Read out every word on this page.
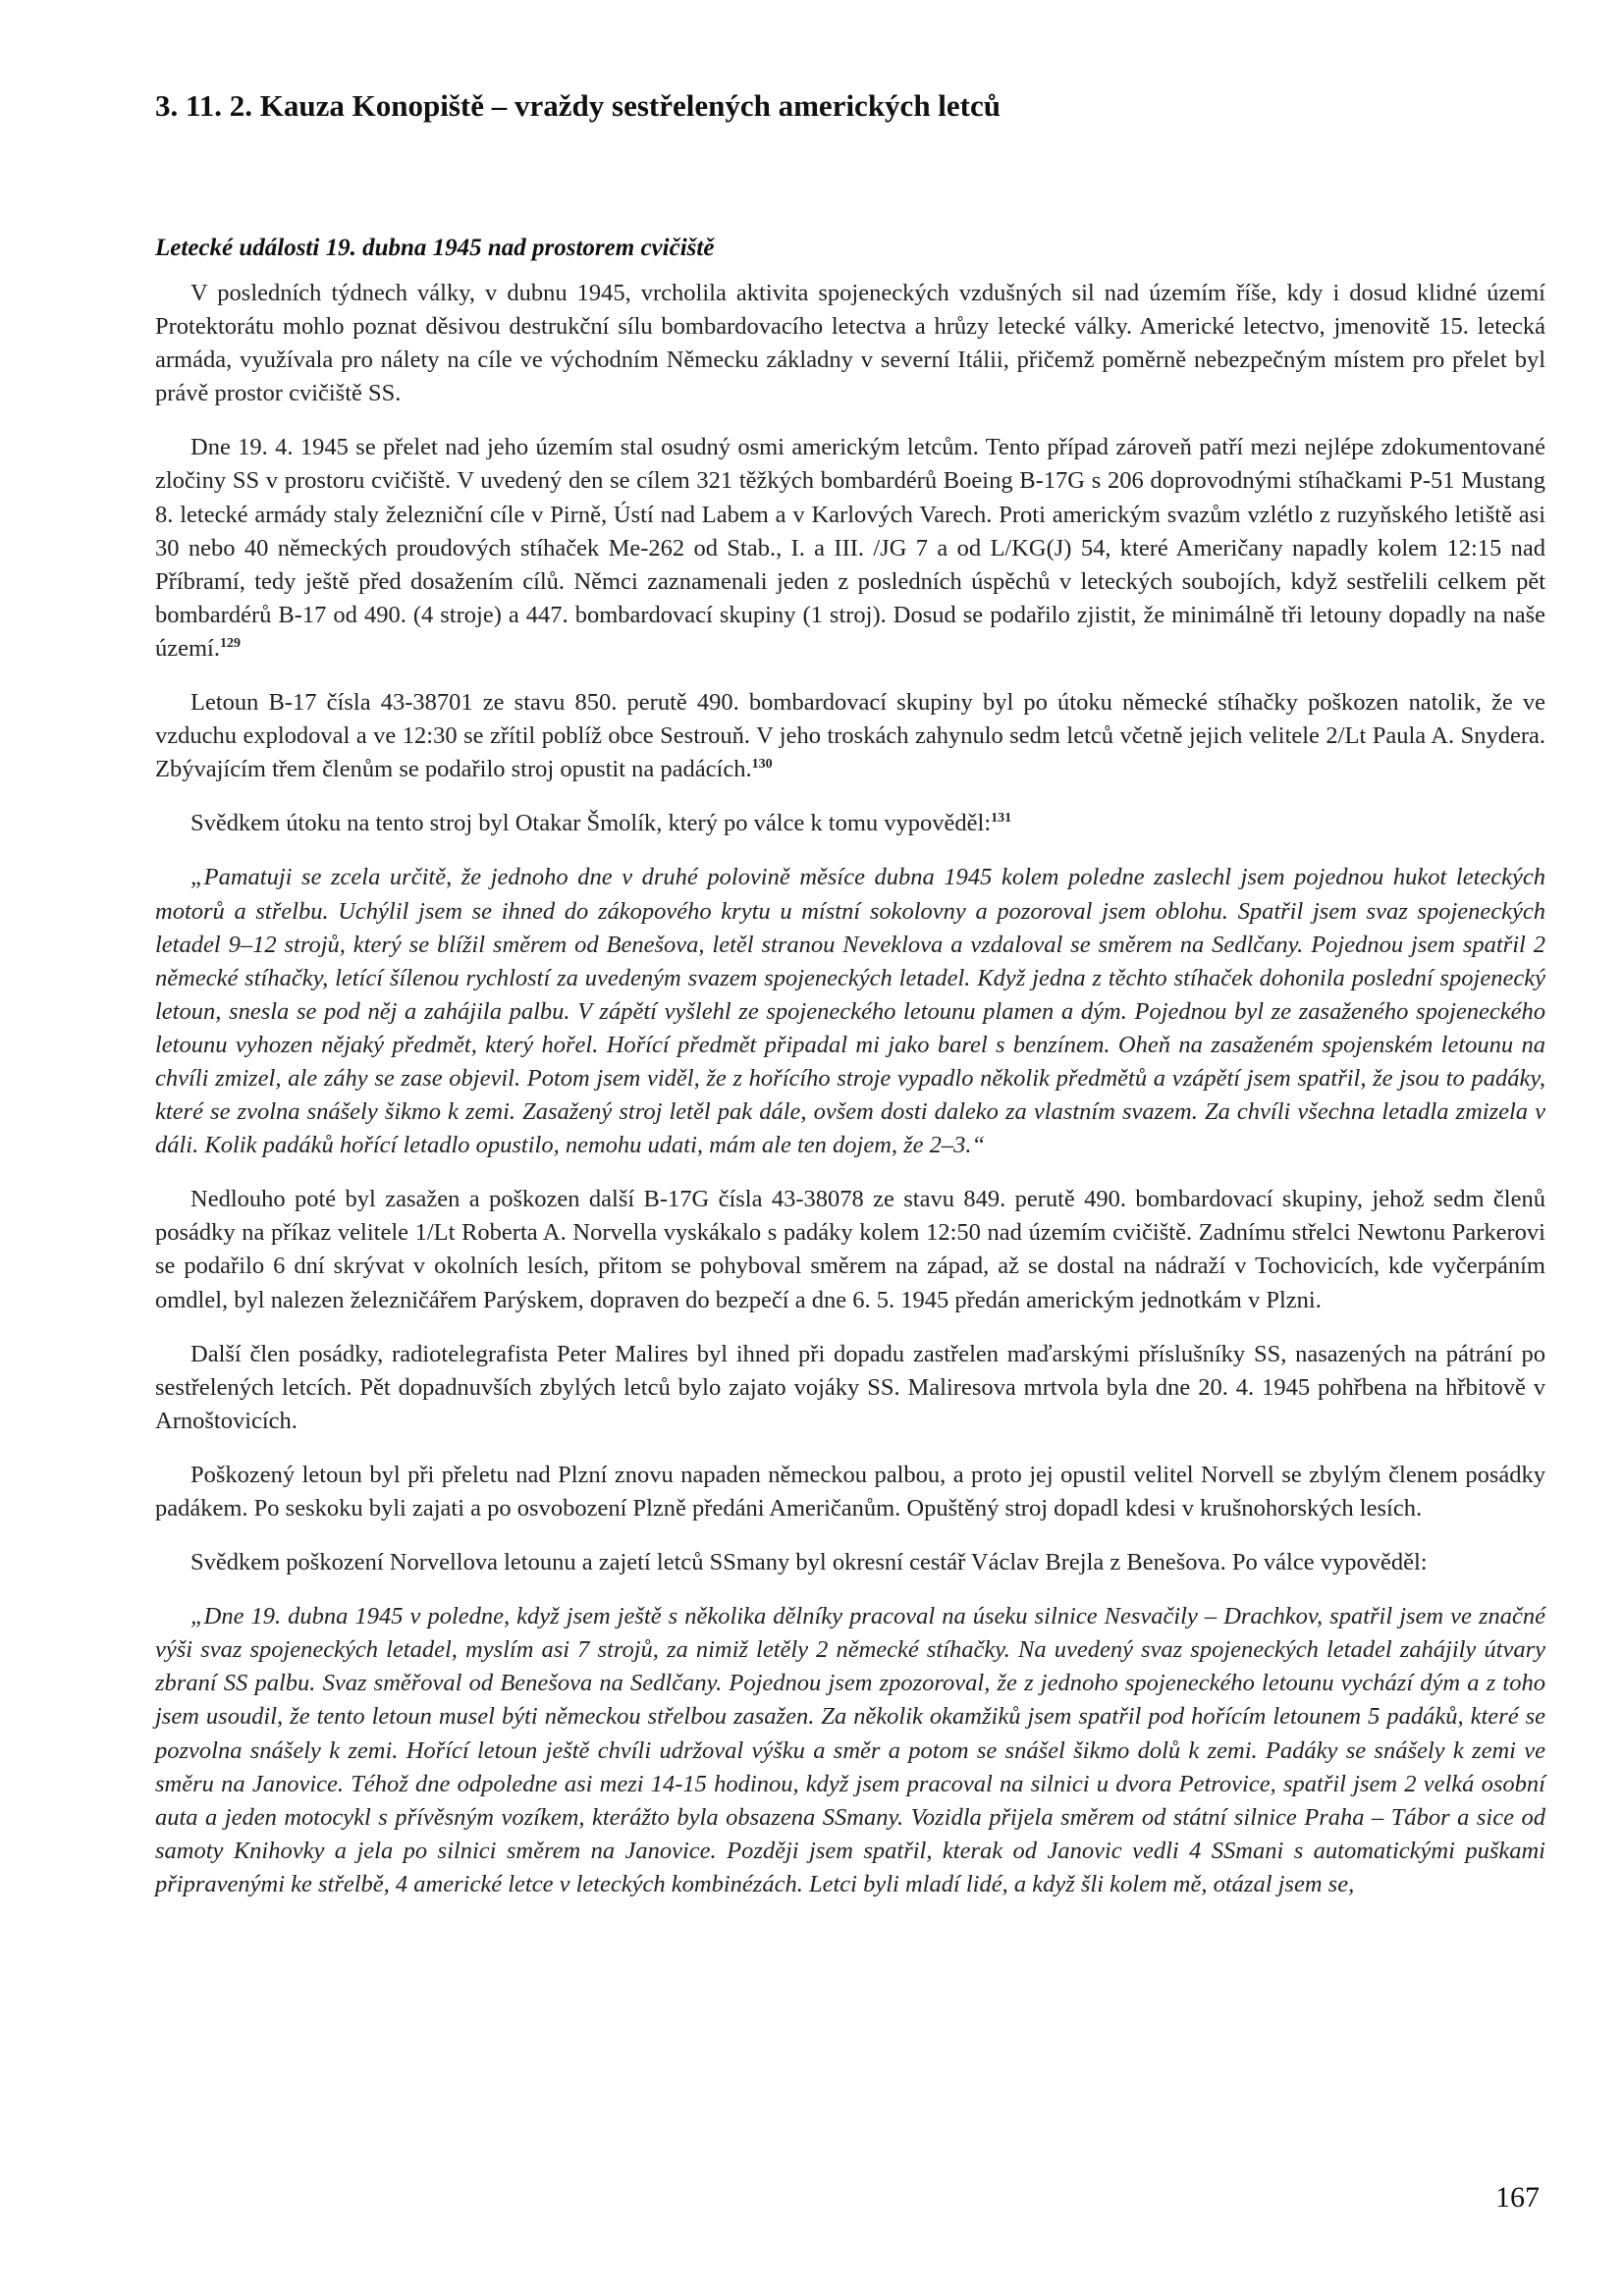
3. 11. 2. Kauza Konopiště – vraždy sestřelených amerických letců
Letecké události 19. dubna 1945 nad prostorem cvičiště

V posledních týdnech války, v dubnu 1945, vrcholila aktivita spojeneckých vzdušných sil nad územím říše, kdy i dosud klidné území Protektorátu mohlo poznat děsivou destrukční sílu bombardovacího letectva a hrůzy letecké války. Americké letectvo, jmenovitě 15. letecká armáda, využívala pro nálety na cíle ve východním Německu základny v severní Itálii, přičemž poměrně nebezpečným místem pro přelet byl právě prostor cvičiště SS.

Dne 19. 4. 1945 se přelet nad jeho územím stal osudný osmi americkým letcům. Tento případ zároveň patří mezi nejlépe zdokumentované zločiny SS v prostoru cvičiště. V uvedený den se cílem 321 těžkých bombardérů Boeing B-17G s 206 doprovodnými stíhačkami P-51 Mustang 8. letecké armády staly železniční cíle v Pirně, Ústí nad Labem a v Karlových Varech. Proti americkým svazům vzlétlo z ruzyňského letiště asi 30 nebo 40 německých proudových stíhaček Me-262 od Stab., I. a III. /JG 7 a od L/KG(J) 54, které Američany napadly kolem 12:15 nad Příbramí, tedy ještě před dosažením cílů. Němci zaznamenali jeden z posledních úspěchů v leteckých soubojích, když sestřelili celkem pět bombardérů B-17 od 490. (4 stroje) a 447. bombardovací skupiny (1 stroj). Dosud se podařilo zjistit, že minimálně tři letouny dopadly na naše území.$^{129}$

Letoun B-17 čísla 43-38701 ze stavu 850. perutě 490. bombardovací skupiny byl po útoku německé stíhačky poškozen natolik, že ve vzduchu explodoval a ve 12:30 se zřítil poblíž obce Sestrouň. V jeho troskách zahynulo sedm letců včetně jejich velitele 2/Lt Paula A. Snydera. Zbývajícím třem členům se podařilo stroj opustit na padácích.$^{130}$

Svědkem útoku na tento stroj byl Otakar Šmolík, který po válce k tomu vypověděl:$^{131}$

„Pamatuji se zcela určitě, že jednoho dne v druhé polovině měsíce dubna 1945 kolem poledne zaslechl jsem pojednou hukot leteckých motorů a střelbu. Uchýlil jsem se ihned do zákopového krytu u místní sokolovny a pozoroval jsem oblohu. Spatřil jsem svaz spojeneckých letadel 9–12 strojů, který se blížil směrem od Benešova, letěl stranou Neveklova a vzdaloval se směrem na Sedlčany. Pojednou jsem spatřil 2 německé stíhačky, letící šílenou rychlostí za uvedeným svazem spojeneckých letadel. Když jedna z těchto stíhaček dohonila poslední spojenecký letoun, snesla se pod něj a zahájila palbu. V zápětí vyšlehl ze spojeneckého letounu plamen a dým. Pojednou byl ze zasaženého spojeneckého letounu vyhozen nějaký předmět, který hořel. Hořící předmět připadal mi jako barel s benzínem. Oheň na zasaženém spojenském letounu na chvíli zmizel, ale záhy se zase objevil. Potom jsem viděl, že z hořícího stroje vypadlo několik předmětů a vzápětí jsem spatřil, že jsou to padáky, které se zvolna snášely šikmo k zemi. Zasažený stroj letěl pak dále, ovšem dosti daleko za vlastním svazem. Za chvíli všechna letadla zmizela v dáli. Kolik padáků hořící letadlo opustilo, nemohu udati, mám ale ten dojem, že 2–3.“

Nedlouho poté byl zasažen a poškozen další B-17G čísla 43-38078 ze stavu 849. perutě 490. bombardovací skupiny, jehož sedm členů posádky na příkaz velitele 1/Lt Roberta A. Norvella vyskákalo s padáky kolem 12:50 nad územím cvičiště. Zadnímu střelci Newtonu Parkerovi se podařilo 6 dní skrývat v okolních lesích, přitom se pohyboval směrem na západ, až se dostal na nádraží v Tochovicích, kde vyčerpáním omdlel, byl nalezen železničářem Parýskem, dopraven do bezpečí a dne 6. 5. 1945 předán americkým jednotkám v Plzni.

Další člen posádky, radiotelegrafista Peter Malires byl ihned při dopadu zastřelen maďarskými příslušníky SS, nasazených na pátrání po sestřelených letcích. Pět dopadnuvších zbylých letců bylo zajato vojáky SS. Maliresova mrtvola byla dne 20. 4. 1945 pohřbena na hřbitově v Arnoštovicích.

Poškozený letoun byl při přeletu nad Plzní znovu napaden německou palbou, a proto jej opustil velitel Norvell se zbylým členem posádky padákem. Po seskoku byli zajati a po osvobození Plzně předáni Američanům. Opuštěný stroj dopadl kdesi v krušnohorských lesích.

Svědkem poškození Norvellova letounu a zajetí letců SSmany byl okresní cestář Václav Brejla z Benešova. Po válce vypověděl:

„Dne 19. dubna 1945 v poledne, když jsem ještě s několika dělníky pracoval na úseku silnice Nesvačily – Drachkov, spatřil jsem ve značné výši svaz spojeneckých letadel, myslím asi 7 strojů, za nimiž letěly 2 německé stíhačky. Na uvedený svaz spojeneckých letadel zahájily útvary zbraní SS palbu. Svaz směřoval od Benešova na Sedlčany. Pojednou jsem zpozoroval, že z jednoho spojeneckého letounu vychází dým a z toho jsem usoudil, že tento letoun musel býti německou střelbou zasažen. Za několik okamžiků jsem spatřil pod hořícím letounem 5 padáků, které se pozvolna snášely k zemi. Hořící letoun ještě chvíli udržoval výšku a směr a potom se snášel šikmo dolů k zemi. Padáky se snášely k zemi ve směru na Janovice. Téhož dne odpoledne asi mezi 14-15 hodinou, když jsem pracoval na silnici u dvora Petrovice, spatřil jsem 2 velká osobní auta a jeden motocykl s přívěsným vozíkem, kterážto byla obsazena SSmany. Vozidla přijela směrem od státní silnice Praha – Tábor a sice od samoty Knihovky a jela po silnici směrem na Janovice. Později jsem spatřil, kterak od Janovic vedli 4 SSmani s automatickými puškami připravenými ke střelbě, 4 americké letce v leteckých kombinézách. Letci byli mladí lidé, a když šli kolem mě, otázal jsem se,

167
